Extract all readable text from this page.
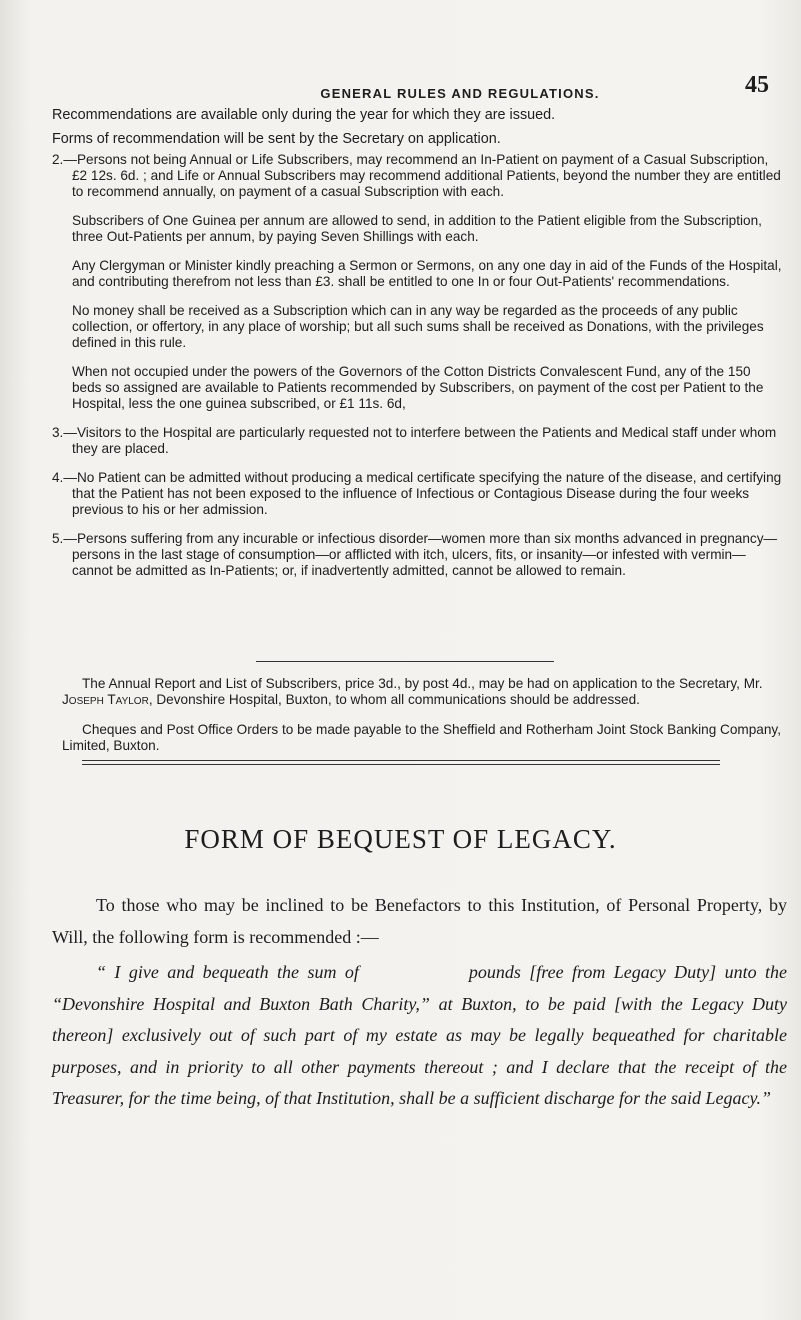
GENERAL RULES AND REGULATIONS.	45

Recommendations are available only during the year for which they are issued.

Forms of recommendation will be sent by the Secretary on application.

2.—Persons not being Annual or Life Subscribers, may recommend an In-Patient on payment of a Casual Subscription, £2 12s. 6d. ; and Life or Annual Subscribers may recommend additional Patients, beyond the number they are entitled to recommend annually, on payment of a casual Subscription with each.

Subscribers of One Guinea per annum are allowed to send, in addition to the Patient eligible from the Subscription, three Out-Patients per annum, by paying Seven Shillings with each.

Any Clergyman or Minister kindly preaching a Sermon or Sermons, on any one day in aid of the Funds of the Hospital, and contributing therefrom not less than £3. shall be entitled to one In or four Out-Patients' recommendations.

No money shall be received as a Subscription which can in any way be regarded as the proceeds of any public collection, or offertory, in any place of worship; but all such sums shall be received as Donations, with the privileges defined in this rule.

When not occupied under the powers of the Governors of the Cotton Districts Convalescent Fund, any of the 150 beds so assigned are available to Patients recommended by Subscribers, on payment of the cost per Patient to the Hospital, less the one guinea subscribed, or £1 11s. 6d,

3.—Visitors to the Hospital are particularly requested not to interfere between the Patients and Medical staff under whom they are placed.

4.—No Patient can be admitted without producing a medical certificate specifying the nature of the disease, and certifying that the Patient has not been exposed to the influence of Infectious or Contagious Disease during the four weeks previous to his or her admission.

5.—Persons suffering from any incurable or infectious disorder—women more than six months advanced in pregnancy—persons in the last stage of consumption—or afflicted with itch, ulcers, fits, or insanity—or infested with vermin—cannot be admitted as In-Patients; or, if inadvertently admitted, cannot be allowed to remain.

The Annual Report and List of Subscribers, price 3d., by post 4d., may be had on application to the Secretary, Mr. Joseph Taylor, Devonshire Hospital, Buxton, to whom all communications should be addressed.

Cheques and Post Office Orders to be made payable to the Sheffield and Rotherham Joint Stock Banking Company, Limited, Buxton.

FORM OF BEQUEST OF LEGACY.

To those who may be inclined to be Benefactors to this Institution, of Personal Property, by Will, the following form is recommended :—

“ I give and bequeath the sum of	pounds [free from Legacy Duty] unto the “Devonshire Hospital and Buxton Bath Charity,” at Buxton, to be paid [with the Legacy Duty thereon] exclusively out of such part of my estate as may be legally bequeathed for charitable purposes, and in priority to all other payments thereout ; and I declare that the receipt of the Treasurer, for the time being, of that Institution, shall be a sufficient discharge for the said Legacy.”
